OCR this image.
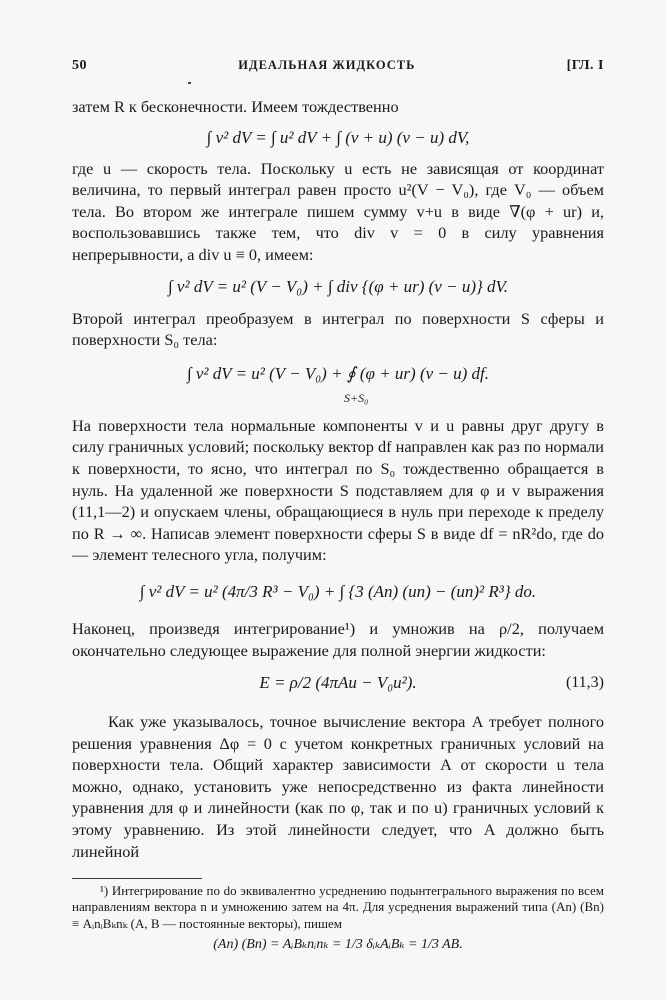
50	ИДЕАЛЬНАЯ ЖИДКОСТЬ	[ГЛ. I

затем R к бесконечности. Имеем тождественно

∫ v² dV = ∫ u² dV + ∫ (v + u) (v − u) dV,

где u — скорость тела. Поскольку u есть не зависящая от координат величина, то первый интеграл равен просто u²(V − V₀), где V₀ — объем тела. Во втором же интеграле пишем сумму v+u в виде ∇(φ + ur) и, воспользовавшись также тем, что div v = 0 в силу уравнения непрерывности, а div u ≡ 0, имеем:

∫ v² dV = u² (V − V₀) + ∫ div {(φ + ur) (v − u)} dV.

Второй интеграл преобразуем в интеграл по поверхности S сферы и поверхности S₀ тела:

∫ v² dV = u² (V − V₀) + ∮ (φ + ur) (v − u) df.
S+S₀

На поверхности тела нормальные компоненты v и u равны друг другу в силу граничных условий; поскольку вектор df направлен как раз по нормали к поверхности, то ясно, что интеграл по S₀ тождественно обращается в нуль. На удаленной же поверхности S подставляем для φ и v выражения (11,1—2) и опускаем члены, обращающиеся в нуль при переходе к пределу по R → ∞. Написав элемент поверхности сферы S в виде df = nR²do, где do — элемент телесного угла, получим:

∫ v² dV = u² (4π/3 R³ − V₀) + ∫ {3 (An) (un) − (un)² R³} do.

Наконец, произведя интегрирование¹) и умножив на ρ/2, получаем окончательно следующее выражение для полной энергии жидкости:

E = ρ/2 (4πAu − V₀u²).	(11,3)

Как уже указывалось, точное вычисление вектора A требует полного решения уравнения Δφ = 0 с учетом конкретных граничных условий на поверхности тела. Общий характер зависимости A от скорости u тела можно, однако, установить уже непосредственно из факта линейности уравнения для φ и линейности (как по φ, так и по u) граничных условий к этому уравнению. Из этой линейности следует, что A должно быть линейной

¹) Интегрирование по do эквивалентно усреднению подынтегрального выражения по всем направлениям вектора n и умножению затем на 4π. Для усреднения выражений типа (An) (Bn) ≡ AᵢnᵢBₖnₖ (A, B — постоянные векторы), пишем

(An) (Bn) = AᵢBₖnᵢnₖ = 1/3 δᵢₖAᵢBₖ = 1/3 AB.
